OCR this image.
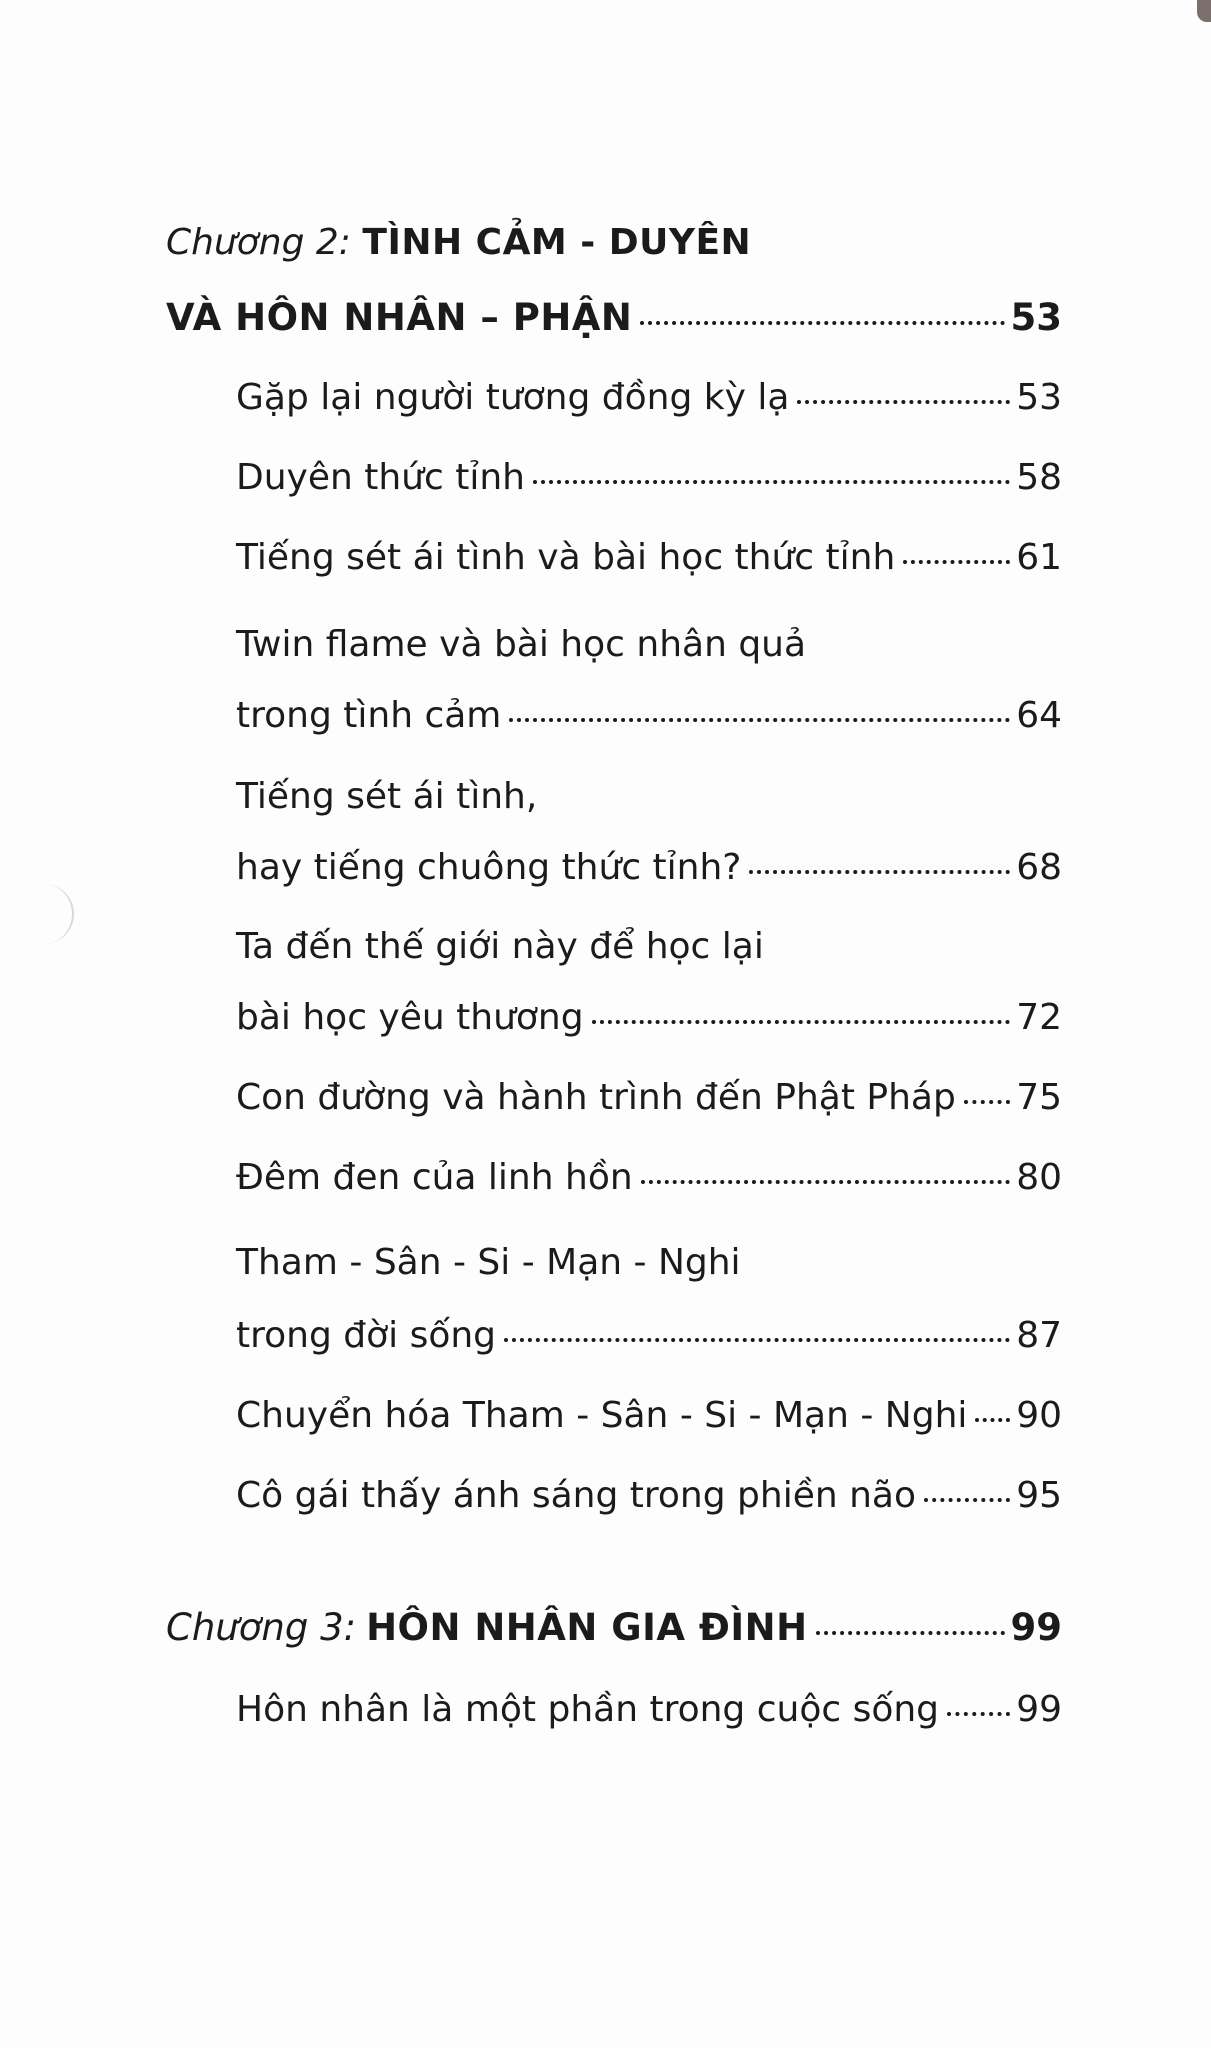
Chương 2: TÌNH CẢM - DUYÊN
VÀ HÔN NHÂN – PHẬN	53
Gặp lại người tương đồng kỳ lạ	53
Duyên thức tỉnh	58
Tiếng sét ái tình và bài học thức tỉnh	61
Twin flame và bài học nhân quả
trong tình cảm	64
Tiếng sét ái tình,
hay tiếng chuông thức tỉnh?	68
Ta đến thế giới này để học lại
bài học yêu thương	72
Con đường và hành trình đến Phật Pháp 75
Đêm đen của linh hồn	80
Tham - Sân - Si - Mạn - Nghi
trong đời sống	87
Chuyển hóa Tham - Sân - Si - Mạn - Nghi 90
Cô gái thấy ánh sáng trong phiền não	95
Chương 3: HÔN NHÂN GIA ĐÌNH	99
Hôn nhân là một phần trong cuộc sống 99
